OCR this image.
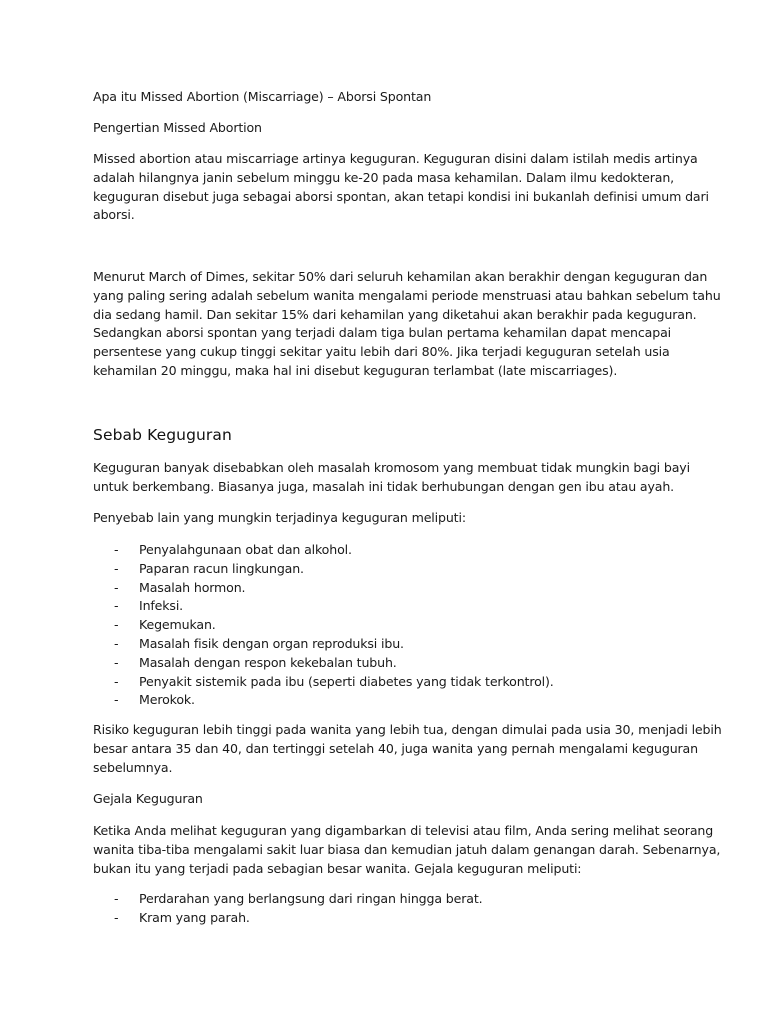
Apa itu Missed Abortion (Miscarriage) – Aborsi Spontan

Pengertian Missed Abortion

Missed abortion atau miscarriage artinya keguguran. Keguguran disini dalam istilah medis artinya
adalah hilangnya janin sebelum minggu ke-20 pada masa kehamilan. Dalam ilmu kedokteran,
keguguran disebut juga sebagai aborsi spontan, akan tetapi kondisi ini bukanlah definisi umum dari
aborsi.

Menurut March of Dimes, sekitar 50% dari seluruh kehamilan akan berakhir dengan keguguran dan
yang paling sering adalah sebelum wanita mengalami periode menstruasi atau bahkan sebelum tahu
dia sedang hamil. Dan sekitar 15% dari kehamilan yang diketahui akan berakhir pada keguguran.
Sedangkan aborsi spontan yang terjadi dalam tiga bulan pertama kehamilan dapat mencapai
persentese yang cukup tinggi sekitar yaitu lebih dari 80%. Jika terjadi keguguran setelah usia
kehamilan 20 minggu, maka hal ini disebut keguguran terlambat (late miscarriages).

Sebab Keguguran

Keguguran banyak disebabkan oleh masalah kromosom yang membuat tidak mungkin bagi bayi
untuk berkembang. Biasanya juga, masalah ini tidak berhubungan dengan gen ibu atau ayah.

Penyebab lain yang mungkin terjadinya keguguran meliputi:

- Penyalahgunaan obat dan alkohol.
- Paparan racun lingkungan.
- Masalah hormon.
- Infeksi.
- Kegemukan.
- Masalah fisik dengan organ reproduksi ibu.
- Masalah dengan respon kekebalan tubuh.
- Penyakit sistemik pada ibu (seperti diabetes yang tidak terkontrol).
- Merokok.

Risiko keguguran lebih tinggi pada wanita yang lebih tua, dengan dimulai pada usia 30, menjadi lebih
besar antara 35 dan 40, dan tertinggi setelah 40, juga wanita yang pernah mengalami keguguran
sebelumnya.

Gejala Keguguran

Ketika Anda melihat keguguran yang digambarkan di televisi atau film, Anda sering melihat seorang
wanita tiba-tiba mengalami sakit luar biasa dan kemudian jatuh dalam genangan darah. Sebenarnya,
bukan itu yang terjadi pada sebagian besar wanita. Gejala keguguran meliputi:

- Perdarahan yang berlangsung dari ringan hingga berat.
- Kram yang parah.
